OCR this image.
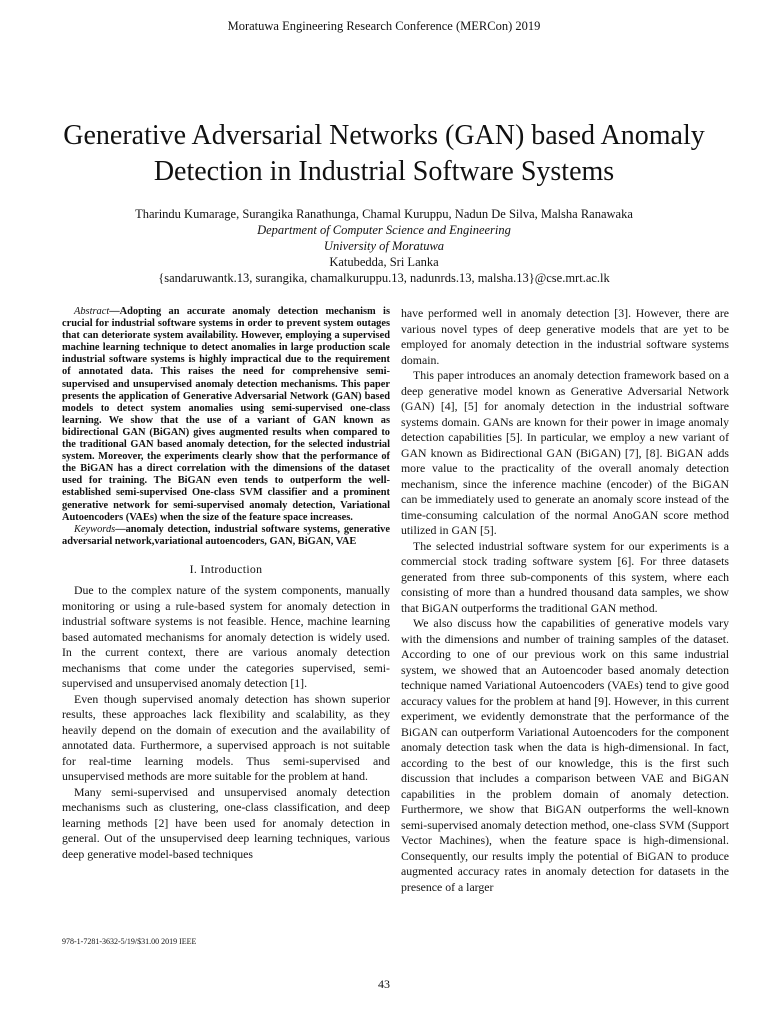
Moratuwa Engineering Research Conference (MERCon) 2019
Generative Adversarial Networks (GAN) based Anomaly Detection in Industrial Software Systems
Tharindu Kumarage, Surangika Ranathunga, Chamal Kuruppu, Nadun De Silva, Malsha Ranawaka
Department of Computer Science and Engineering
University of Moratuwa
Katubedda, Sri Lanka
{sandaruwantk.13, surangika, chamalkuruppu.13, nadunrds.13, malsha.13}@cse.mrt.ac.lk

Abstract—Adopting an accurate anomaly detection mechanism is crucial for industrial software systems in order to prevent system outages that can deteriorate system availability. However, employing a supervised machine learning technique to detect anomalies in large production scale industrial software systems is highly impractical due to the requirement of annotated data. This raises the need for comprehensive semi-supervised and unsupervised anomaly detection mechanisms. This paper presents the application of Generative Adversarial Network (GAN) based models to detect system anomalies using semi-supervised one-class learning. We show that the use of a variant of GAN known as bidirectional GAN (BiGAN) gives augmented results when compared to the traditional GAN based anomaly detection, for the selected industrial system. Moreover, the experiments clearly show that the performance of the BiGAN has a direct correlation with the dimensions of the dataset used for training. The BiGAN even tends to outperform the well-established semi-supervised One-class SVM classifier and a prominent generative network for semi-supervised anomaly detection, Variational Autoencoders (VAEs) when the size of the feature space increases.

Keywords—anomaly detection, industrial software systems, generative adversarial network,variational autoencoders, GAN, BiGAN, VAE

I. Introduction

Due to the complex nature of the system components, manually monitoring or using a rule-based system for anomaly detection in industrial software systems is not feasible. Hence, machine learning based automated mechanisms for anomaly detection is widely used. In the current context, there are various anomaly detection mechanisms that come under the categories supervised, semi-supervised and unsupervised anomaly detection [1].

Even though supervised anomaly detection has shown superior results, these approaches lack flexibility and scalability, as they heavily depend on the domain of execution and the availability of annotated data. Furthermore, a supervised approach is not suitable for real-time learning models. Thus semi-supervised and unsupervised methods are more suitable for the problem at hand.

Many semi-supervised and unsupervised anomaly detection mechanisms such as clustering, one-class classification, and deep learning methods [2] have been used for anomaly detection in general. Out of the unsupervised deep learning techniques, various deep generative model-based techniques

have performed well in anomaly detection [3]. However, there are various novel types of deep generative models that are yet to be employed for anomaly detection in the industrial software systems domain.

This paper introduces an anomaly detection framework based on a deep generative model known as Generative Adversarial Network (GAN) [4], [5] for anomaly detection in the industrial software systems domain. GANs are known for their power in image anomaly detection capabilities [5]. In particular, we employ a new variant of GAN known as Bidirectional GAN (BiGAN) [7], [8]. BiGAN adds more value to the practicality of the overall anomaly detection mechanism, since the inference machine (encoder) of the BiGAN can be immediately used to generate an anomaly score instead of the time-consuming calculation of the normal AnoGAN score method utilized in GAN [5].

The selected industrial software system for our experiments is a commercial stock trading software system [6]. For three datasets generated from three sub-components of this system, where each consisting of more than a hundred thousand data samples, we show that BiGAN outperforms the traditional GAN method.

We also discuss how the capabilities of generative models vary with the dimensions and number of training samples of the dataset. According to one of our previous work on this same industrial system, we showed that an Autoencoder based anomaly detection technique named Variational Autoencoders (VAEs) tend to give good accuracy values for the problem at hand [9]. However, in this current experiment, we evidently demonstrate that the performance of the BiGAN can outperform Variational Autoencoders for the component anomaly detection task when the data is high-dimensional. In fact, according to the best of our knowledge, this is the first such discussion that includes a comparison between VAE and BiGAN capabilities in the problem domain of anomaly detection. Furthermore, we show that BiGAN outperforms the well-known semi-supervised anomaly detection method, one-class SVM (Support Vector Machines), when the feature space is high-dimensional. Consequently, our results imply the potential of BiGAN to produce augmented accuracy rates in anomaly detection for datasets in the presence of a larger

978-1-7281-3632-5/19/$31.00 2019 IEEE
43
